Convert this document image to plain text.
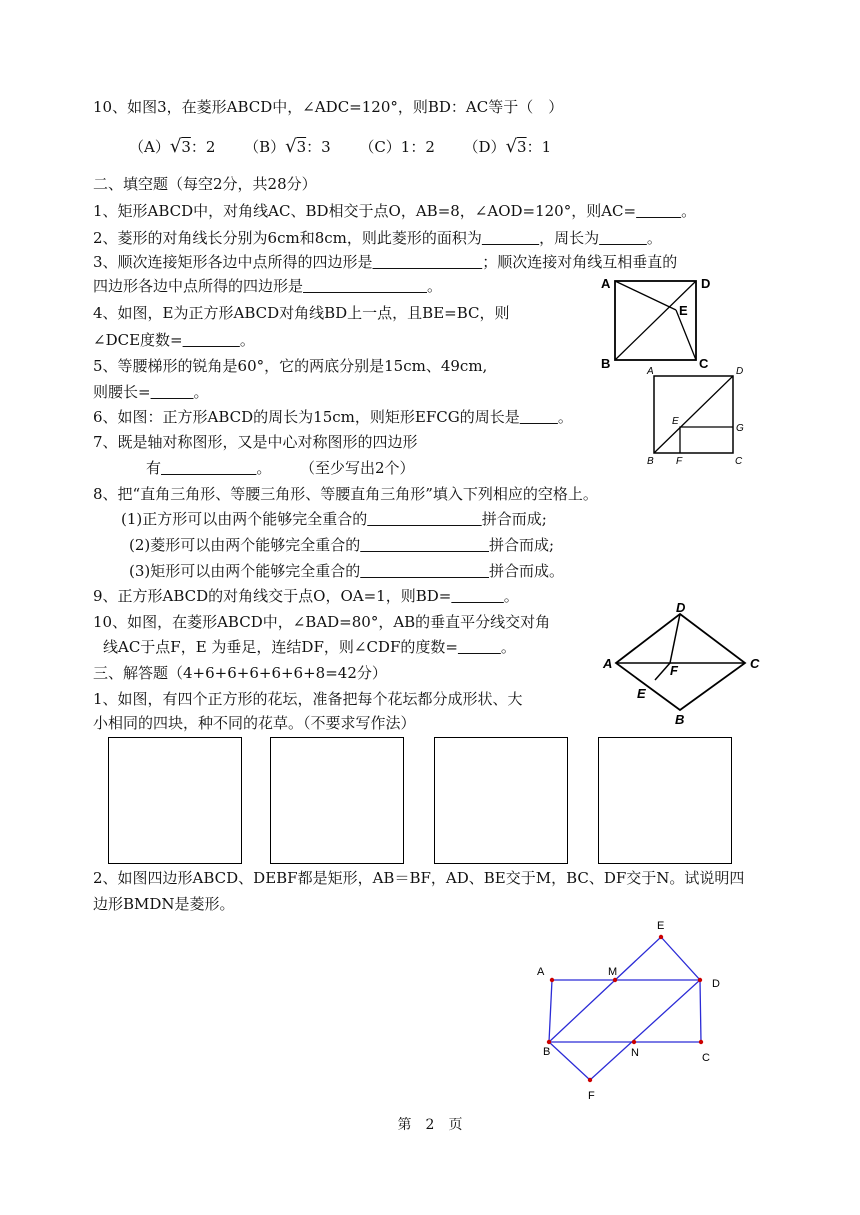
10、如图3，在菱形ABCD中，∠ADC=120°，则BD：AC等于（　）
（A）√3：2 （B）√3：3 （C）1：2 （D）√3：1
二、填空题（每空2分，共28分）
1、矩形ABCD中，对角线AC、BD相交于点O，AB=8，∠AOD=120°，则AC=　　　	。
2、菱形的对角线长分别为6cm和8cm，则此菱形的面积为	，周长为	。
3、顺次连接矩形各边中点所得的四边形是	；顺次连接对角线互相垂直的
四边形各边中点所得的四边形是	。
4、如图，E为正方形ABCD对角线BD上一点，且BE=BC，则
∠DCE度数=	。
5、等腰梯形的锐角是60°，它的两底分别是15cm、49cm,
则腰长=	。
6、如图：正方形ABCD的周长为15cm，则矩形EFCG的周长是	。
7、既是轴对称图形，又是中心对称图形的四边形
有	。 （至少写出2个）
8、把“直角三角形、等腰三角形、等腰直角三角形”填入下列相应的空格上。
(1)正方形可以由两个能够完全重合的	拼合而成;
(2)菱形可以由两个能够完全重合的	拼合而成;
(3)矩形可以由两个能够完全重合的	拼合而成。
9、正方形ABCD的对角线交于点O，OA=1，则BD=	。
10、如图，在菱形ABCD中，∠BAD=80°，AB的垂直平分线交对角
线AC于点F，E 为垂足，连结DF，则∠CDF的度数=	。
三、解答题（4+6+6+6+6+6+8=42分）
1、如图，有四个正方形的花坛，准备把每个花坛都分成形状、大
小相同的四块，种不同的花草。（不要求写作法）
2、如图四边形ABCD、DEBF都是矩形，AB＝BF，AD、BE交于M，BC、DF交于N。试说明四
边形BMDN是菱形。
A	D
E
B	C
A	D
E
G
B F	C
D
A	F	C
E
B
E
A	M
D
B	N	C
F
第　2　页
